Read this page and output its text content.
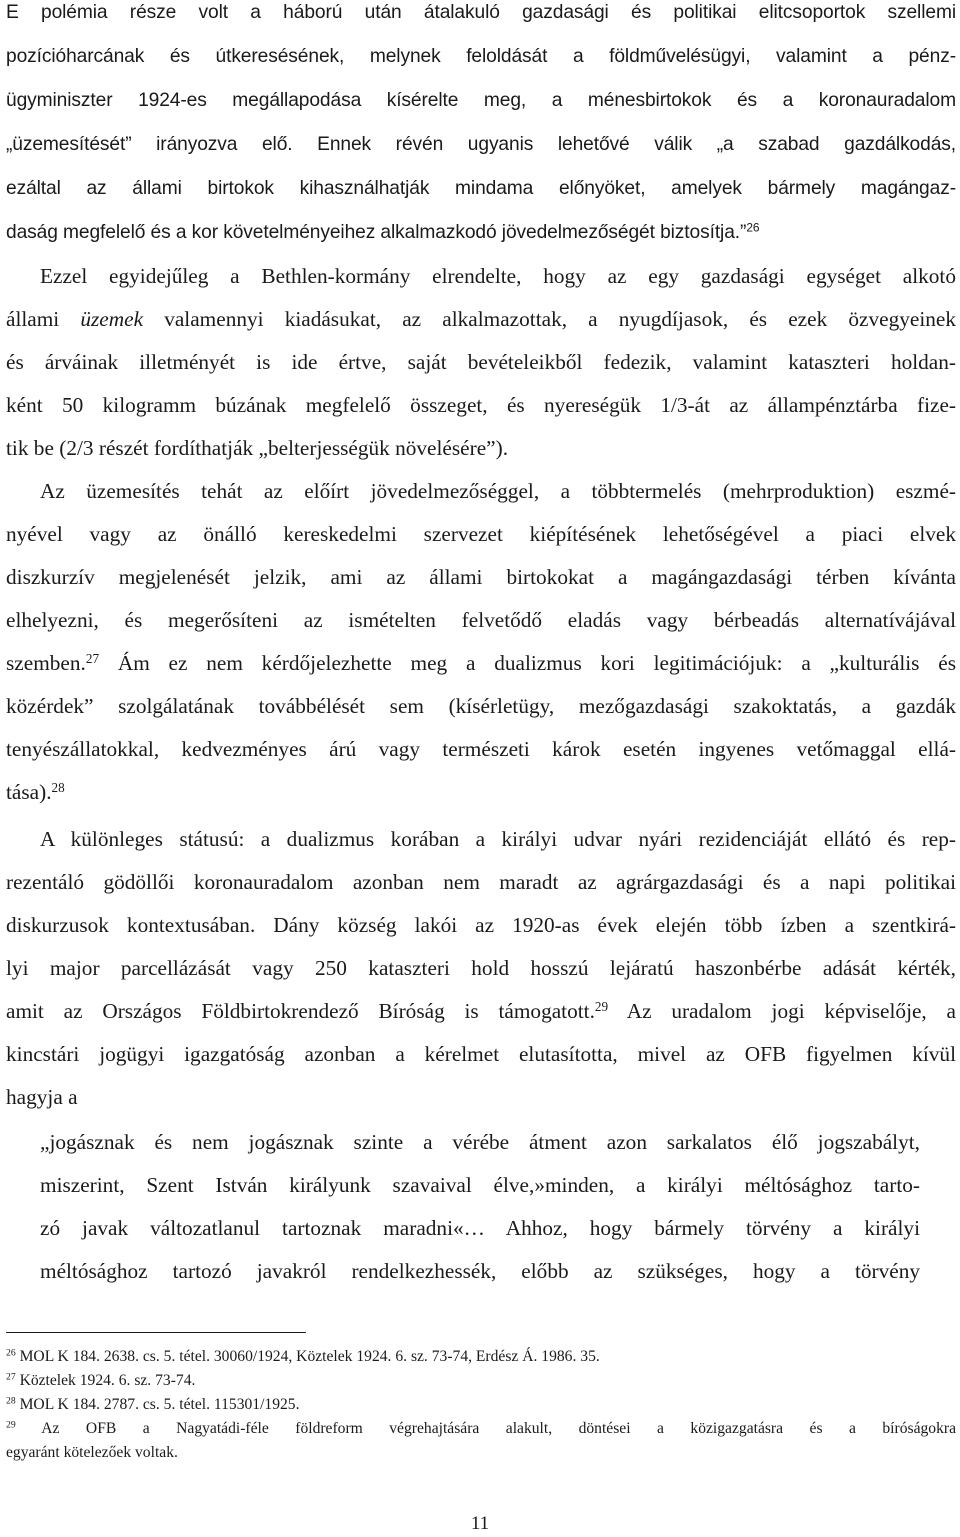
E polémia része volt a háború után átalakuló gazdasági és politikai elitcsoportok szellemi
pozícióharcának és útkeresésének, melynek feloldását a földművelésügyi, valamint a pénz-
ügyminiszter 1924-es megállapodása kísérelte meg, a ménesbirtokok és a koronauradalom
„üzemesítését” irányozva elő. Ennek révén ugyanis lehetővé válik „a szabad gazdálkodás,
ezáltal az állami birtokok kihasználhatják mindama előnyöket, amelyek bármely magángaz-
daság megfelelő és a kor követelményeihez alkalmazkodó jövedelmezőségét biztosítja.”$^{26}$
Ezzel egyidejűleg a Bethlen-kormány elrendelte, hogy az egy gazdasági egységet alkotó
állami üzemek valamennyi kiadásukat, az alkalmazottak, a nyugdíjasok, és ezek özvegyeinek
és árváinak illetményét is ide értve, saját bevételeikből fedezik, valamint kataszteri holdan-
ként 50 kilogramm búzának megfelelő összeget, és nyereségük 1/3-át az állampénztárba fize-
tik be (2/3 részét fordíthatják „belterjességük növelésére”).
Az üzemesítés tehát az előírt jövedelmezőséggel, a többtermelés (mehrproduktion) eszmé-
nyével vagy az önálló kereskedelmi szervezet kiépítésének lehetőségével a piaci elvek
diszkurzív megjelenését jelzik, ami az állami birtokokat a magángazdasági térben kívánta
elhelyezni, és megerősíteni az ismételten felvetődő eladás vagy bérbeadás alternatívájával
szemben.$^{27}$ Ám ez nem kérdőjelezhette meg a dualizmus kori legitimációjuk: a „kulturális és
közérdek” szolgálatának továbbélését sem (kísérletügy, mezőgazdasági szakoktatás, a gazdák
tenyészállatokkal, kedvezményes árú vagy természeti károk esetén ingyenes vetőmaggal ellá-
tása).$^{28}$
A különleges státusú: a dualizmus korában a királyi udvar nyári rezidenciáját ellátó és rep-
rezentáló gödöllői koronauradalom azonban nem maradt az agrárgazdasági és a napi politikai
diskurzusok kontextusában. Dány község lakói az 1920-as évek elején több ízben a szentkirá-
lyi major parcellázását vagy 250 kataszteri hold hosszú lejáratú haszonbérbe adását kérték,
amit az Országos Földbirtokrendező Bíróság is támogatott.$^{29}$ Az uradalom jogi képviselője, a
kincstári jogügyi igazgatóság azonban a kérelmet elutasította, mivel az OFB figyelmen kívül
hagyja a
„jogásznak és nem jogásznak szinte a vérébe átment azon sarkalatos élő jogszabályt,
miszerint, Szent István királyunk szavaival élve,»minden, a királyi méltósághoz tarto-
zó javak változatlanul tartoznak maradni«… Ahhoz, hogy bármely törvény a királyi
méltósághoz tartozó javakról rendelkezhessék, előbb az szükséges, hogy a törvény
$^{26}$ MOL K 184. 2638. cs. 5. tétel. 30060/1924, Köztelek 1924. 6. sz. 73-74, Erdész Á. 1986. 35.
$^{27}$ Köztelek 1924. 6. sz. 73-74.
$^{28}$ MOL K 184. 2787. cs. 5. tétel. 115301/1925.
$^{29}$ Az OFB a Nagyatádi-féle földreform végrehajtására alakult, döntései a közigazgatásra és a bíróságokra
egyaránt kötelezőek voltak.
11
